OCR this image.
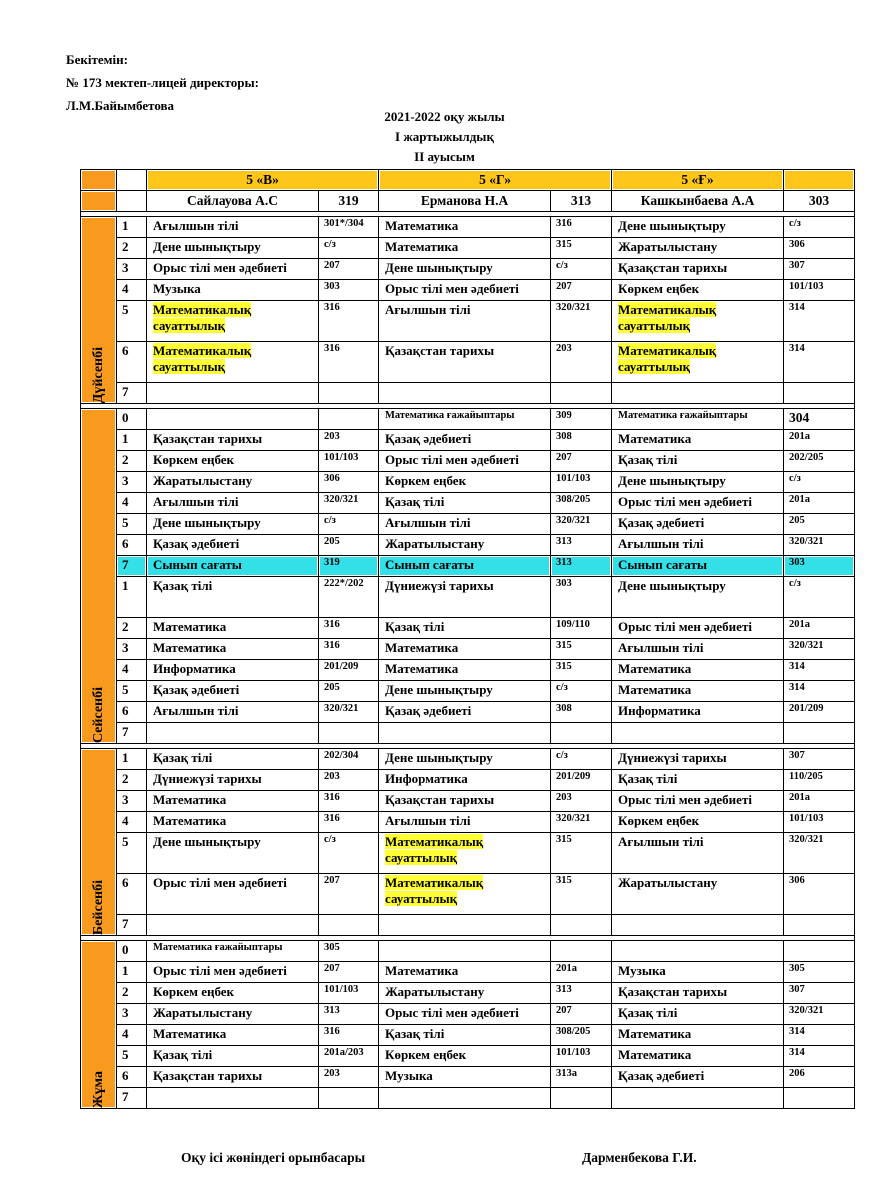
Бекітемін:
№ 173 мектеп-лицей директоры:
Л.М.Байымбетова
2021-2022 оқу жылы
І жартыжылдық
ІІ ауысым
		5 «В»		5 «Г»		5 «Ғ»	
		Сайлауова А.С	319	Ерманова Н.А	313	Кашкынбаева А.А	303

Дүйсенбі	1	Ағылшын тілі	301*/304	Математика	316	Дене шынықтыру	с/з
	2	Дене шынықтыру	с/з	Математика	315	Жаратылыстану	306
	3	Орыс тілі мен әдебиеті	207	Дене шынықтыру	с/з	Қазақстан тарихы	307
	4	Музыка	303	Орыс тілі мен әдебиеті	207	Көркем еңбек	101/103
	5	Математикалық сауаттылық	316	Ағылшын тілі	320/321	Математикалық сауаттылық	314
	6	Математикалық сауаттылық	316	Қазақстан тарихы	203	Математикалық сауаттылық	314
	7						

Сейсенбі	0			Математика ғажайыптары	309	Математика ғажайыптары	304
	1	Қазақстан тарихы	203	Қазақ әдебиеті	308	Математика	201а
	2	Көркем еңбек	101/103	Орыс тілі мен әдебиеті	207	Қазақ тілі	202/205
	3	Жаратылыстану	306	Көркем еңбек	101/103	Дене шынықтыру	с/з
	4	Ағылшын тілі	320/321	Қазақ тілі	308/205	Орыс тілі мен әдебиеті	201а
	5	Дене шынықтыру	с/з	Ағылшын тілі	320/321	Қазақ әдебиеті	205
	6	Қазақ әдебиеті	205	Жаратылыстану	313	Ағылшын тілі	320/321
	7	Сынып сағаты	319	Сынып сағаты	313	Сынып сағаты	303
	1	Қазақ тілі	222*/202	Дүниежүзі тарихы	303	Дене шынықтыру	с/з
	2	Математика	316	Қазақ тілі	109/110	Орыс тілі мен әдебиеті	201а
	3	Математика	316	Математика	315	Ағылшын тілі	320/321
	4	Информатика	201/209	Математика	315	Математика	314
	5	Қазақ әдебиеті	205	Дене шынықтыру	с/з	Математика	314
	6	Ағылшын тілі	320/321	Қазақ әдебиеті	308	Информатика	201/209
	7						

Бейсенбі	1	Қазақ тілі	202/304	Дене шынықтыру	с/з	Дүниежүзі тарихы	307
	2	Дүниежүзі тарихы	203	Информатика	201/209	Қазақ тілі	110/205
	3	Математика	316	Қазақстан тарихы	203	Орыс тілі мен әдебиеті	201а
	4	Математика	316	Ағылшын тілі	320/321	Көркем еңбек	101/103
	5	Дене шынықтыру	с/з	Математикалық сауаттылық	315	Ағылшын тілі	320/321
	6	Орыс тілі мен әдебиеті	207	Математикалық сауаттылық	315	Жаратылыстану	306
	7						

Жұма	0	Математика ғажайыптары	305				
	1	Орыс тілі мен әдебиеті	207	Математика	201а	Музыка	305
	2	Көркем еңбек	101/103	Жаратылыстану	313	Қазақстан тарихы	307
	3	Жаратылыстану	313	Орыс тілі мен әдебиеті	207	Қазақ тілі	320/321
	4	Математика	316	Қазақ тілі	308/205	Математика	314
	5	Қазақ тілі	201а/203	Көркем еңбек	101/103	Математика	314
	6	Қазақстан тарихы	203	Музыка	313а	Қазақ әдебиеті	206
	7						
Оқу ісі жөніндегі орынбасары	Дарменбекова Г.И.
